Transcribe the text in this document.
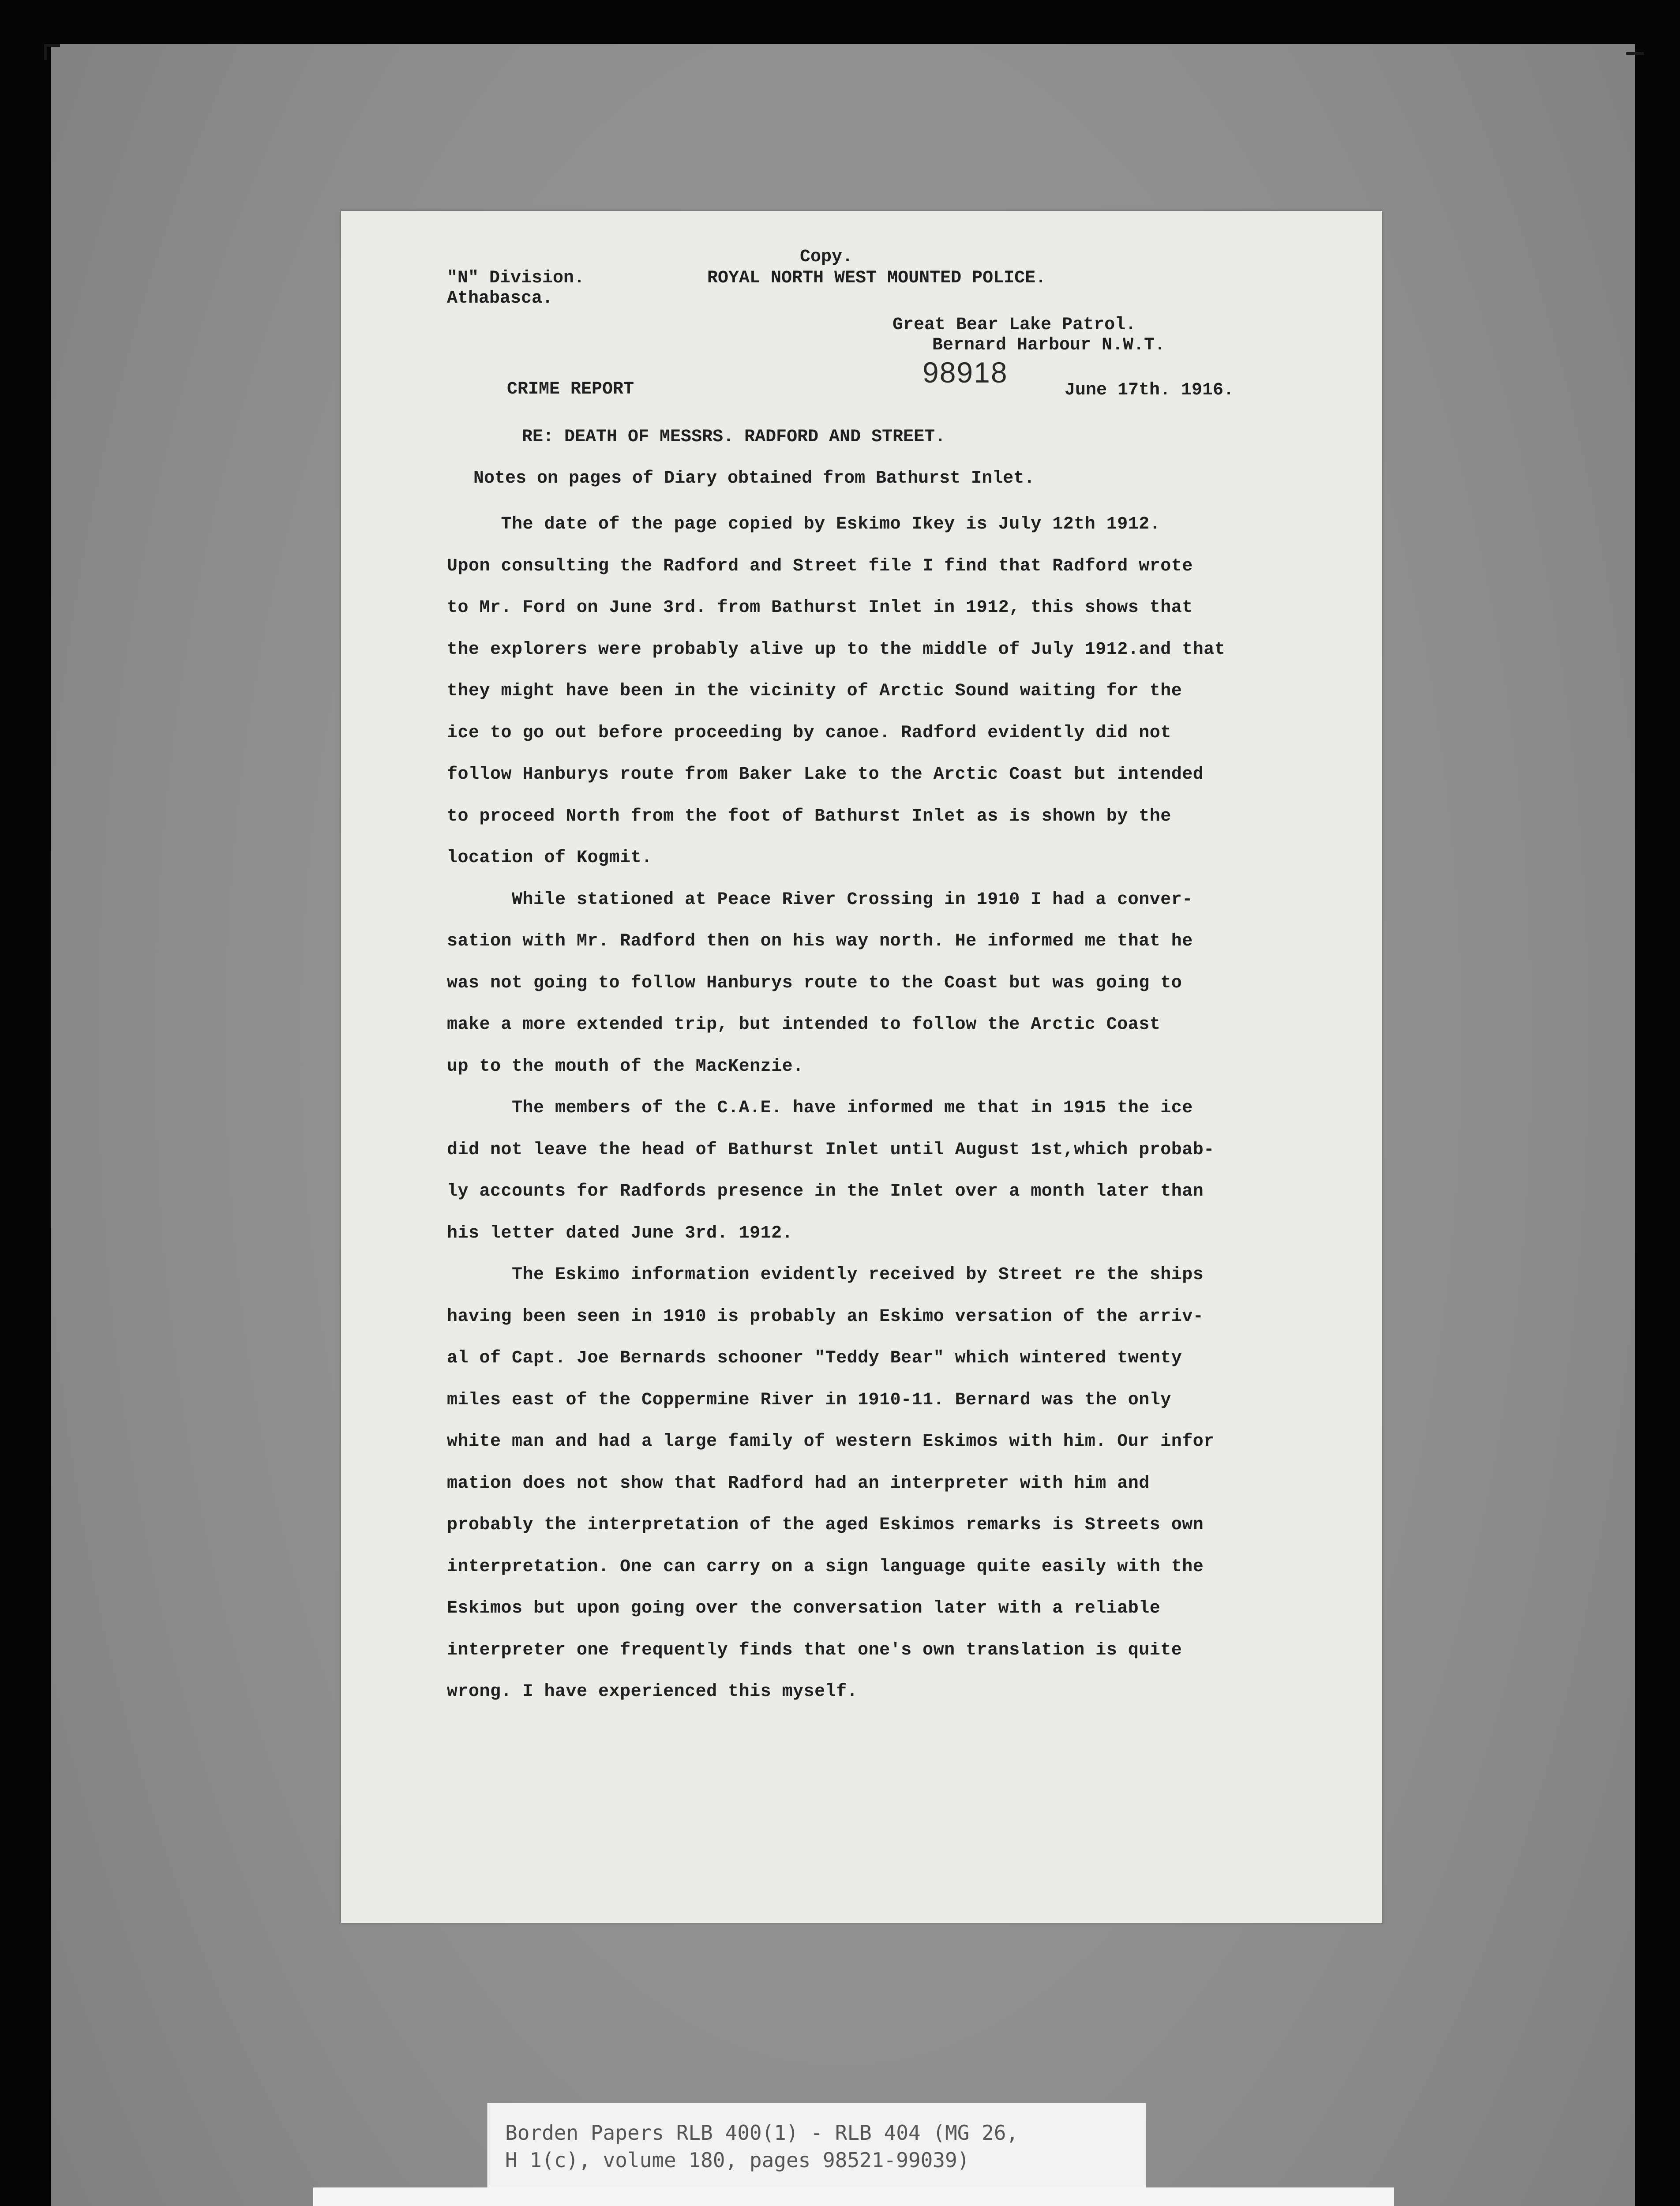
Copy.
"N" Division.
Athabasca.
ROYAL NORTH WEST MOUNTED POLICE.
Great Bear Lake Patrol.
Bernard Harbour N.W.T.
CRIME REPORT
98918
June 17th. 1916.
RE: DEATH OF MESSRS. RADFORD AND STREET.
Notes on pages of Diary obtained from Bathurst Inlet.
The date of the page copied by Eskimo Ikey is July 12th 1912.
Upon consulting the Radford and Street file I find that Radford wrote
to Mr. Ford on June 3rd. from Bathurst Inlet in 1912, this shows that
the explorers were probably alive up to the middle of July 1912.and that
they might have been in the vicinity of Arctic Sound waiting for the
ice to go out before proceeding by canoe. Radford evidently did not
follow Hanburys route from Baker Lake to the Arctic Coast but intended
to proceed North from the foot of Bathurst Inlet as is shown by the
location of Kogmit.
While stationed at Peace River Crossing in 1910 I had a conver-
sation with Mr. Radford then on his way north. He informed me that he
was not going to follow Hanburys route to the Coast but was going to
make a more extended trip, but intended to follow the Arctic Coast
up to the mouth of the MacKenzie.
The members of the C.A.E. have informed me that in 1915 the ice
did not leave the head of Bathurst Inlet until August 1st,which probab-
ly accounts for Radfords presence in the Inlet over a month later than
his letter dated June 3rd. 1912.
The Eskimo information evidently received by Street re the ships
having been seen in 1910 is probably an Eskimo versation of the arriv-
al of Capt. Joe Bernards schooner "Teddy Bear" which wintered twenty
miles east of the Coppermine River in 1910-11. Bernard was the only
white man and had a large family of western Eskimos with him. Our infor
mation does not show that Radford had an interpreter with him and
probably the interpretation of the aged Eskimos remarks is Streets own
interpretation. One can carry on a sign language quite easily with the
Eskimos but upon going over the conversation later with a reliable
interpreter one frequently finds that one's own translation is quite
wrong. I have experienced this myself.
Borden Papers RLB 400(1) - RLB 404 (MG 26,
H 1(c), volume 180, pages 98521-99039)
